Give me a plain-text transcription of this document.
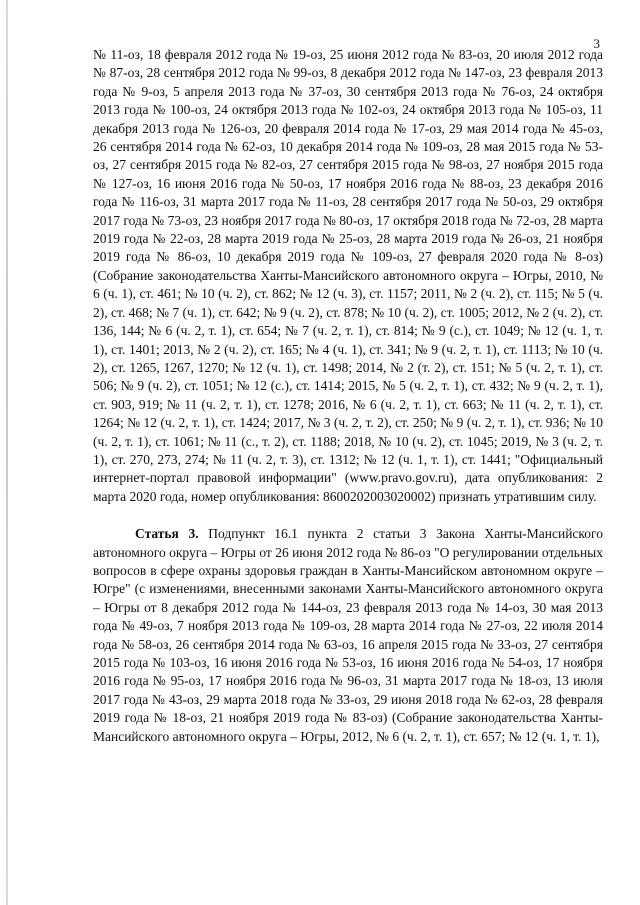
3

№ 11-оз, 18 февраля 2012 года № 19-оз, 25 июня 2012 года № 83-оз, 20 июля 2012 года № 87-оз, 28 сентября 2012 года № 99-оз, 8 декабря 2012 года № 147-оз, 23 февраля 2013 года № 9-оз, 5 апреля 2013 года № 37-оз, 30 сентября 2013 года № 76-оз, 24 октября 2013 года № 100-оз, 24 октября 2013 года № 102-оз, 24 октября 2013 года № 105-оз, 11 декабря 2013 года № 126-оз, 20 февраля 2014 года № 17-оз, 29 мая 2014 года № 45-оз, 26 сентября 2014 года № 62-оз, 10 декабря 2014 года № 109-оз, 28 мая 2015 года № 53-оз, 27 сентября 2015 года № 82-оз, 27 сентября 2015 года № 98-оз, 27 ноября 2015 года № 127-оз, 16 июня 2016 года № 50-оз, 17 ноября 2016 года № 88-оз, 23 декабря 2016 года № 116-оз, 31 марта 2017 года № 11-оз, 28 сентября 2017 года № 50-оз, 29 октября 2017 года № 73-оз, 23 ноября 2017 года № 80-оз, 17 октября 2018 года № 72-оз, 28 марта 2019 года № 22-оз, 28 марта 2019 года № 25-оз, 28 марта 2019 года № 26-оз, 21 ноября 2019 года № 86-оз, 10 декабря 2019 года № 109-оз, 27 февраля 2020 года № 8-оз) (Собрание законодательства Ханты-Мансийского автономного округа – Югры, 2010, № 6 (ч. 1), ст. 461; № 10 (ч. 2), ст. 862; № 12 (ч. 3), ст. 1157; 2011, № 2 (ч. 2), ст. 115; № 5 (ч. 2), ст. 468; № 7 (ч. 1), ст. 642; № 9 (ч. 2), ст. 878; № 10 (ч. 2), ст. 1005; 2012, № 2 (ч. 2), ст. 136, 144; № 6 (ч. 2, т. 1), ст. 654; № 7 (ч. 2, т. 1), ст. 814; № 9 (с.), ст. 1049; № 12 (ч. 1, т. 1), ст. 1401; 2013, № 2 (ч. 2), ст. 165; № 4 (ч. 1), ст. 341; № 9 (ч. 2, т. 1), ст. 1113; № 10 (ч. 2), ст. 1265, 1267, 1270; № 12 (ч. 1), ст. 1498; 2014, № 2 (т. 2), ст. 151; № 5 (ч. 2, т. 1), ст. 506; № 9 (ч. 2), ст. 1051; № 12 (с.), ст. 1414; 2015, № 5 (ч. 2, т. 1), ст. 432; № 9 (ч. 2, т. 1), ст. 903, 919; № 11 (ч. 2, т. 1), ст. 1278; 2016, № 6 (ч. 2, т. 1), ст. 663; № 11 (ч. 2, т. 1), ст. 1264; № 12 (ч. 2, т. 1), ст. 1424; 2017, № 3 (ч. 2, т. 2), ст. 250; № 9 (ч. 2, т. 1), ст. 936; № 10 (ч. 2, т. 1), ст. 1061; № 11 (с., т. 2), ст. 1188; 2018, № 10 (ч. 2), ст. 1045; 2019, № 3 (ч. 2, т. 1), ст. 270, 273, 274; № 11 (ч. 2, т. 3), ст. 1312; № 12 (ч. 1, т. 1), ст. 1441; "Официальный интернет-портал правовой информации" (www.pravo.gov.ru), дата опубликования: 2 марта 2020 года, номер опубликования: 8600202003020002) признать утратившим силу.

Статья 3. Подпункт 16.1 пункта 2 статьи 3 Закона Ханты-Мансийского автономного округа – Югры от 26 июня 2012 года № 86-оз "О регулировании отдельных вопросов в сфере охраны здоровья граждан в Ханты-Мансийском автономном округе – Югре" (с изменениями, внесенными законами Ханты-Мансийского автономного округа – Югры от 8 декабря 2012 года № 144-оз, 23 февраля 2013 года № 14-оз, 30 мая 2013 года № 49-оз, 7 ноября 2013 года № 109-оз, 28 марта 2014 года № 27-оз, 22 июля 2014 года № 58-оз, 26 сентября 2014 года № 63-оз, 16 апреля 2015 года № 33-оз, 27 сентября 2015 года № 103-оз, 16 июня 2016 года № 53-оз, 16 июня 2016 года № 54-оз, 17 ноября 2016 года № 95-оз, 17 ноября 2016 года № 96-оз, 31 марта 2017 года № 18-оз, 13 июля 2017 года № 43-оз, 29 марта 2018 года № 33-оз, 29 июня 2018 года № 62-оз, 28 февраля 2019 года № 18-оз, 21 ноября 2019 года № 83-оз) (Собрание законодательства Ханты-Мансийского автономного округа – Югры, 2012, № 6 (ч. 2, т. 1), ст. 657; № 12 (ч. 1, т. 1),
